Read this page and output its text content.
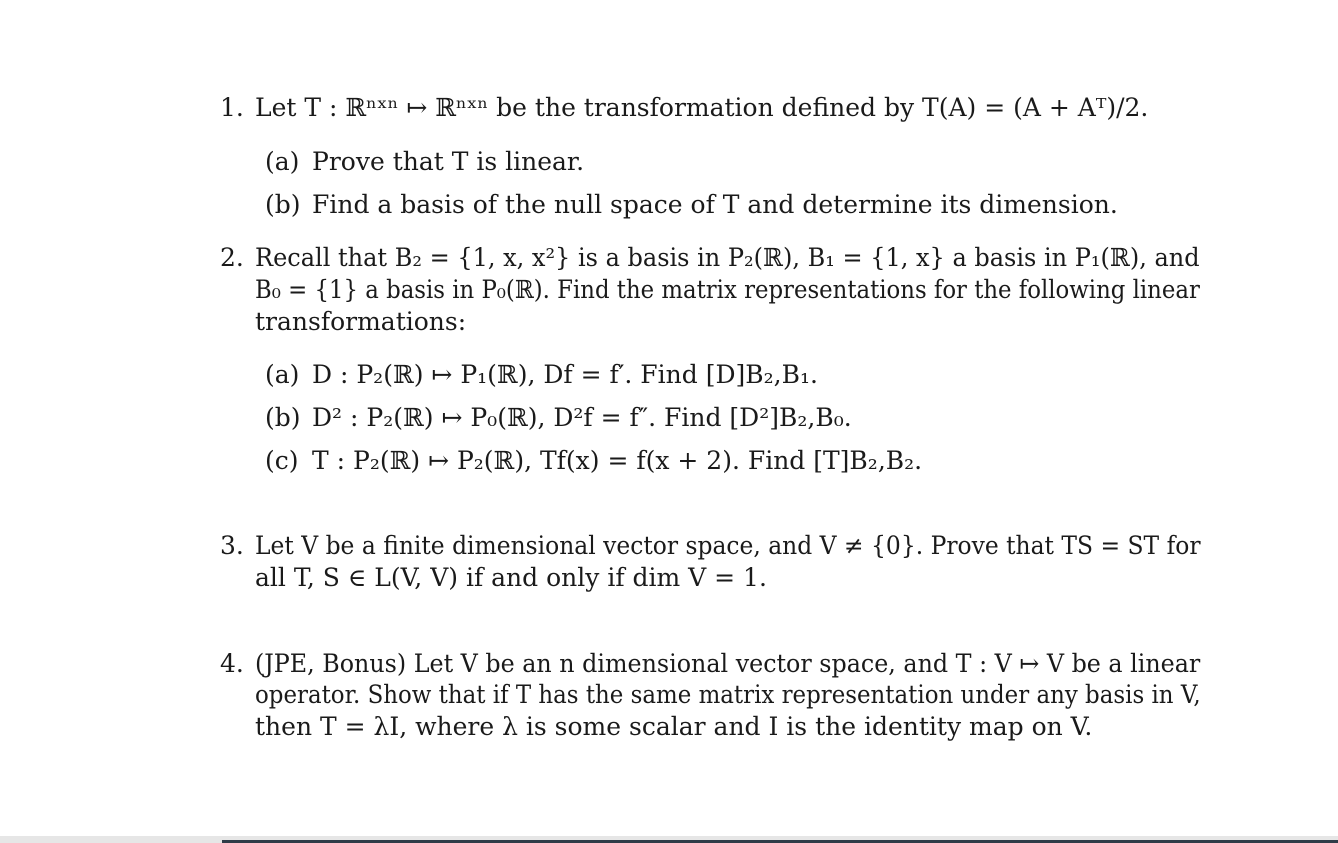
1. Let T : ℝⁿˣⁿ ↦ ℝⁿˣⁿ be the transformation defined by T(A) = (A + Aᵀ)/2.
(a) Prove that T is linear.
(b) Find a basis of the null space of T and determine its dimension.
2. Recall that B₂ = {1, x, x²} is a basis in P₂(ℝ), B₁ = {1, x} a basis in P₁(ℝ), and
B₀ = {1} a basis in P₀(ℝ). Find the matrix representations for the following linear
transformations:
(a) D : P₂(ℝ) ↦ P₁(ℝ), Df = f′. Find [D]B₂,B₁.
(b) D² : P₂(ℝ) ↦ P₀(ℝ), D²f = f″. Find [D²]B₂,B₀.
(c) T : P₂(ℝ) ↦ P₂(ℝ), Tf(x) = f(x + 2). Find [T]B₂,B₂.
3. Let V be a finite dimensional vector space, and V ≠ {0}. Prove that TS = ST for
all T, S ∈ L(V, V) if and only if dim V = 1.
4. (JPE, Bonus) Let V be an n dimensional vector space, and T : V ↦ V be a linear
operator. Show that if T has the same matrix representation under any basis in V,
then T = λI, where λ is some scalar and I is the identity map on V.
